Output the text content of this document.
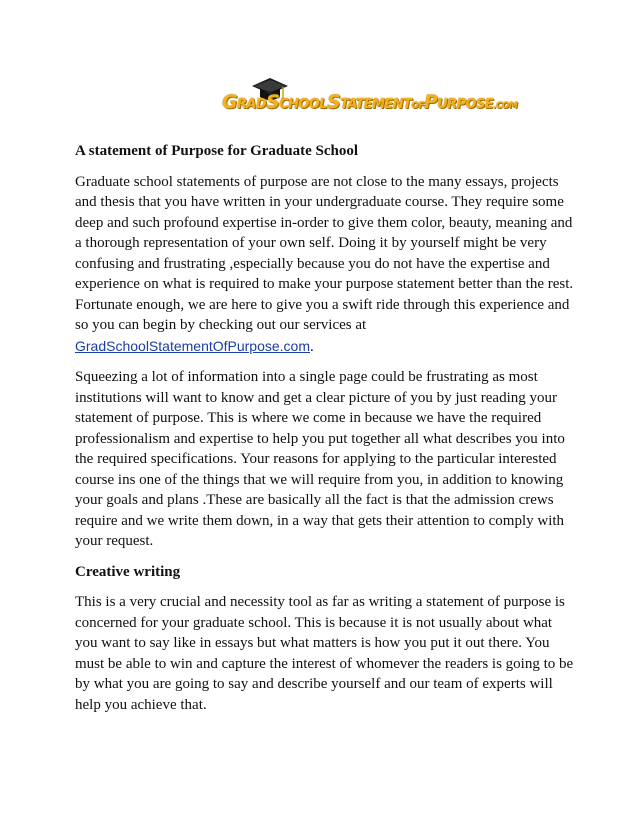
GRADSCHOOLSTATEMENTOFPURPOSE.COM
A statement of Purpose for Graduate School
Graduate school statements of purpose are not close to the many essays, projects and thesis that you have written in your undergraduate course. They require some deep and such profound expertise in-order to give them color, beauty, meaning and a thorough representation of your own self. Doing it by yourself might be very confusing and frustrating ,especially because you do not have the expertise and experience on what is required to make your purpose statement better than the rest. Fortunate enough, we are here to give you a swift ride through this experience and so you can begin by checking out our services at GradSchoolStatementOfPurpose.com.
Squeezing a lot of information into a single page could be frustrating as most institutions will want to know and get a clear picture of you by just reading your statement of purpose. This is where we come in because we have the required professionalism and expertise to help you put together all what describes you into the required specifications. Your reasons for applying to the particular interested course ins one of the things that we will require from you, in addition to knowing your goals and plans .These are basically all the fact is that the admission crews require and we write them down, in a way that gets their attention to comply with your request.
Creative writing
This is a very crucial and necessity tool as far as writing a statement of purpose is concerned for your graduate school. This is because it is not usually about what you want to say like in essays but what matters is how you put it out there. You must be able to win and capture the interest of whomever the readers is going to be by what you are going to say and describe yourself and our team of experts will help you achieve that.
